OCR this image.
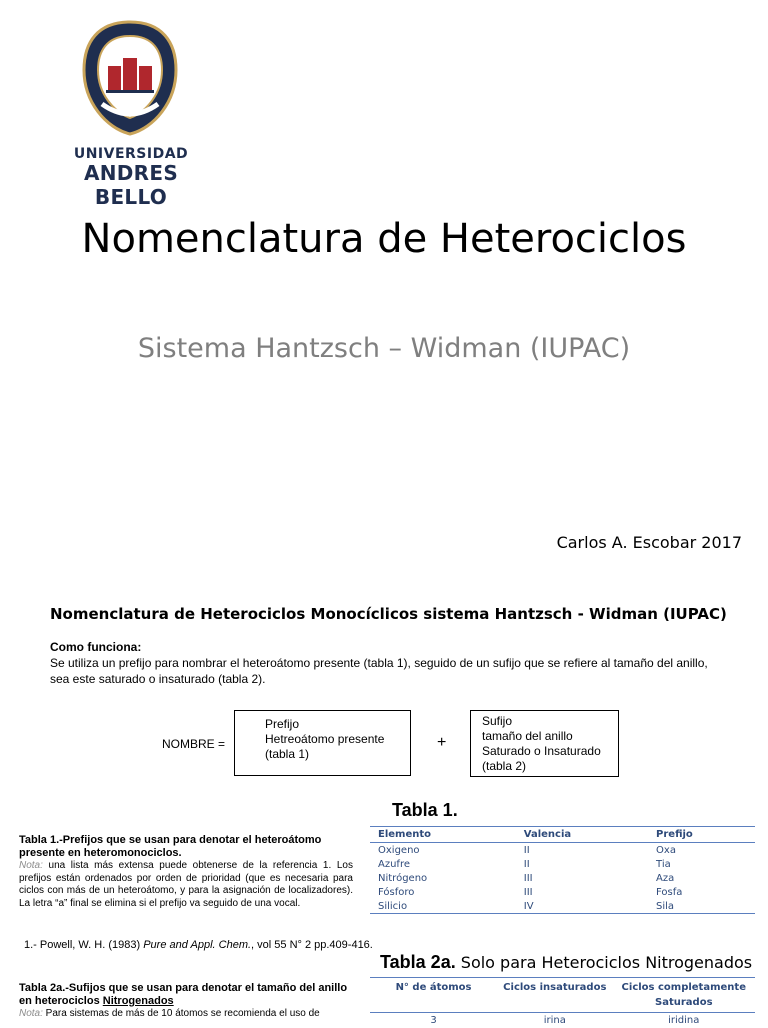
UNIVERSIDAD
ANDRES BELLO
Nomenclatura de Heterociclos
Sistema Hantzsch – Widman (IUPAC)
Carlos A. Escobar 2017
Nomenclatura de Heterociclos Monocíclicos sistema Hantzsch - Widman (IUPAC)
Como funciona:
Se utiliza un prefijo para nombrar el heteroátomo presente (tabla 1), seguido de un sufijo que se refiere al tamaño del anillo, sea este saturado o insaturado (tabla 2).
NOMBRE =
Prefijo
Hetreoátomo presente
(tabla 1)
+
Sufijo
tamaño del anillo
Saturado o Insaturado
(tabla 2)
Tabla 1.
Tabla 1.-Prefijos que se usan para denotar el heteroátomo presente en heteromonociclos.
Nota: una lista más extensa puede obtenerse de la referencia 1. Los prefijos están ordenados por orden de prioridad (que es necesaria para ciclos con más de un heteroátomo, y para la asignación de localizadores). La letra “a” final se elimina si el prefijo va seguido de una vocal.
Elemento	Valencia	Prefijo
Oxigeno	II	Oxa
Azufre	II	Tia
Nitrógeno	III	Aza
Fósforo	III	Fosfa
Silicio	IV	Sila
1.- Powell, W. H. (1983) Pure and Appl. Chem., vol 55 N° 2 pp.409-416.
Tabla 2a. Solo para Heterociclos Nitrogenados
Tabla 2a.-Sufijos que se usan para denotar el tamaño del anillo en heterociclos Nitrogenados

Nota: Para sistemas de más de 10 átomos se recomienda el uso de
N° de átomos	Ciclos insaturados	Ciclos completamente Saturados
3	irina	iridina
